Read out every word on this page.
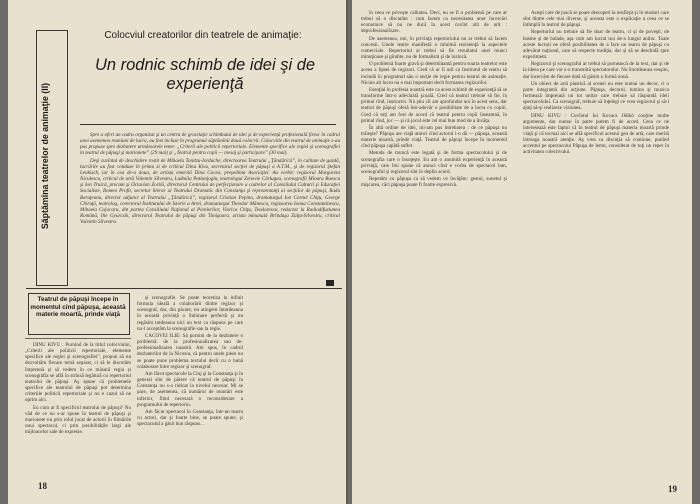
Săptămîna teatrelor de animaţie (II)
Colocviul creatorilor din teatrele de animaţie:
Un rodnic schimb de idei şi de experienţă

Spre a oferi un cadru organizat şi un centru de gravitaţie schimbului de idei şi de experienţă profesională firesc în cadrul unei asemenea reuniuni de lucru, au fost incluse în programul săptămînii două colocvii. Colocviile din teatrul de animaţie s-au pus propuse spre dezbatere următoarele teme: „Criterii ale politicii repertoriale. Elemente specifice ale regiei şi scenografiei în teatrul de păpuşi şi marionete” (29 mai) şi „Teatrul pentru copii — mesaj şi participare” (30 mai).

Deşi cuvîntul de deschidere rostit de Mihaela Tonitza-Iordache, directoarea Teatrului „Ţăndărică”, în calitate de gazdă, lucrările au fost conduse în prima zi de criticul Dinu Kivu, secretarul secţiei de păpuşi a A.T.M., şi de regizorul Ştefan Lenkisch, iar în cea de-a doua, de artista emerită Dina Cocea, preşedinta Asociaţiei. Au vorbit: regizorul Margareta Niculescu, criticul de artă Valentin Silvestru, Ludmila Patlanjoglu, teatrologul Zenovie Cârlugea, scenografii Mioara Buescu şi Ion Truică, precum şi Octavian Zorilă, directorul Centrului de perfecţionare a cadrelor al Consiliului Culturii şi Educaţiei Socialiste, Romeo Profit, secretar literar al Teatrului Dramatic din Constanţa şi reprezentanţi ai secţiilor de păpuşi, Radu Beruţeanu, director adjunct al Teatrului „Ţăndărică”, regizorul Cristian Pepino, dramaturgul Ion Cornel Chiţu, George Chiruţă, teatrolog, corectorul Institutului de Istorie a Artei, dramaturgul Theodor Mănescu, regizoarea Ioana Constantinescu, Mihaela Cojocaru, din partea Consiliului Naţional al Pionierilor, Viorica Chiţu, Teodorescu, redactor la Radiodifuziunea Română, Ilie Gyurcsik, directorul Teatrului de păpuşi din Timişoara, artista minunată Brînduşa Zaiţa-Silvestru, criticul Valentin Silvestru.

Teatrul de păpuşi începe în momentul cînd păpuşa, această materie moartă, prinde viaţă

DINU KIVU : Pornind de la titlul colocviului, „Criterii ale politicii repertoriale, elemente specifice ale regiei şi scenografiei”, propun să nu dezvoltăm fiecare temă separat, ci să le discutăm împreună şi să vedem în ce măsură regia şi scenografia se află în strînsă legătură cu repertoriul teatrului de păpuşi. Aş spune că problemele specifice ale teatrului de păpuşi pot determina criteriile politicii repertoriale şi nu e cazul să ne oprim aici.

Eu cum ar fi specificul teatrului de păpuşi? Nu văd de ce nu s-ar spune în teatrul de păpuşi şi marionete nu prin rolul jucat de actorii în filmările unui spectacol, ci prin posibilităţile largi ale mijloacelor sale de expresie.

şi scenografie. Se poate teoretiza la infinit formula ideală a colaborării dintre regizor şi scenograf, dar, din păcate, nu atingem întotdeauna în această privinţă o îmbinare perfectă şi nu regăsim totdeauna nici un text ca răspuns pe care nu-l acceptăm la scenografie sau la regie.

CACOVEI ILIE: Să pornim de la dezbatere o problemă: de la profesionalizarea sau de-profesionalizarea noastră. Am spus, în cadrul dezbaterilor de la Nicosia, că pentru unele piese nu se poate pune problema textului decît cu o bună colaborare între regizor şi scenograf.

Am făcut spectacole la Cluj şi la Constanţa şi în general sînt de părere că teatrul de păpuşi în Constanţa nu s-a ridicat la nivelul necesar. Mi se pare, de asemenea, că numărul de montări este inferior, fiind necesară o reconsiderare a programului de repertoriu.

Am făcut spectacol în Constanţa, într-un teatru cu actori, dar şi foarte bine, se poate spune, şi spectacolul a găsit bun răspuns...

18

în ceea ce priveşte calitatea. Deci, nu se fi o problemă pe care ar trebui să o discutăm : cum facem ca necesitatea unor încercări economice să nu ne ducă la acest cuvînt atît de urît : deprofesionalizare.

De asemenea, noi, în privinţa repertoriului nu ar trebui să facem concesii. Unele teatre manifestă o minimă rezistenţă la aspectele comerciale. Repertoriul ar trebui să fie rezultatul unei munci minuţioase şi gîndite, nu de formalism şi de lozincă.

O problemă foarte gravă şi determinantă pentru soarta teatrelor este aceea a lipsei de regizori. Cred că ar fi util ca Institutul de teatru să includă în programul său o secţie de regie pentru teatrul de animaţie. Niciun alt lucru nu e mai important decît formarea regizorilor.

Esenţial în profesia noastră este ca acest schimb de experienţă să se transforme într-o adevărată şcoală. Cred că teatrul trebuie să fie, în primul rînd, instructiv. Nu ştiu cît am aprofundat noi în acest sens, dar teatrul de păpuşi oferă într-adevăr o posibilitate de a lucra cu copiii. Cred că toţi am fost de acord că teatrul pentru copii înseamnă, în primul rînd, joc — şi că jocul este cel mai bun mod de a învăţa.

În altă ordine de idei, mi-am pus întrebarea : de ce păpuşa nu trăieşte? Păpuşa are viaţă atunci cînd actorul i-o dă — păpuşa, această materie moartă, prinde viaţă. Teatrul de păpuşi începe în momentul cînd păpuşa capătă suflet.

Metoda de muncă este legată şi de forma spectacolului şi de scenografia care o însoţeşte. Eu am o anumită experienţă în această privinţă, care îmi spune că atunci cînd e vorba de spectacol bun, scenograful şi regizorul sînt în deplin acord.

Repetăm cu păpuşa ca să vedem ce învăţăm: gestul, sunetul şi mişcarea, căci păpuşa poate fi foarte expresivă.

Aceşti care de joacă se poate descoperi la nesfîrşit şi în moduri care sînt dintre cele mai diverse, şi aceasta este o explicaţie a ceea ce se întîmplă în teatrul de păpuşi.

Repertoriul nu trebuie să fie doar de teatru, ci şi de poveşti, de basme şi de balade, aşa cum am lucrat noi de-a lungul anilor. Toate aceste lucruri ne oferă posibilitatea de a face un teatru de păpuşi cu adevărat naţional, care să respecte tradiţia, dar şi să se deschidă spre experiment.

Regizorul şi scenograful ar trebui să pornească de la text, dar şi de la ideea pe care vor s-o transmită spectatorului. Nu întotdeauna reuşim, dar încercăm de fiecare dată să găsim o formă nouă.

Un obiect de artă plastică al scenei nu este numai un decor, ci o parte integrantă din acţiune. Păpuşa, decorul, lumina şi muzica formează împreună un tot unitar care trebuie să răspundă ideii spectacolului. Ca scenograf, trebuie să înţelegi ce vrea regizorul şi să-l ajuţi să-şi realizeze viziunea.

DINU KIVU : Cuvîntul lui Kovacs Ildikó conţine multe argumente, dar numai în parte putem fi de acord. Ceea ce ne interesează este faptul că în teatrul de păpuşi materia moartă prinde viaţă şi că tocmai aici se află specificul acestui gen de artă, care merită întreaga noastră atenţie. Aş vrea ca discuţia să continue, punînd accentul pe spectacolul Păpuşa de lemn, considerat de toţi un reper în activitatea colectivului.

19
